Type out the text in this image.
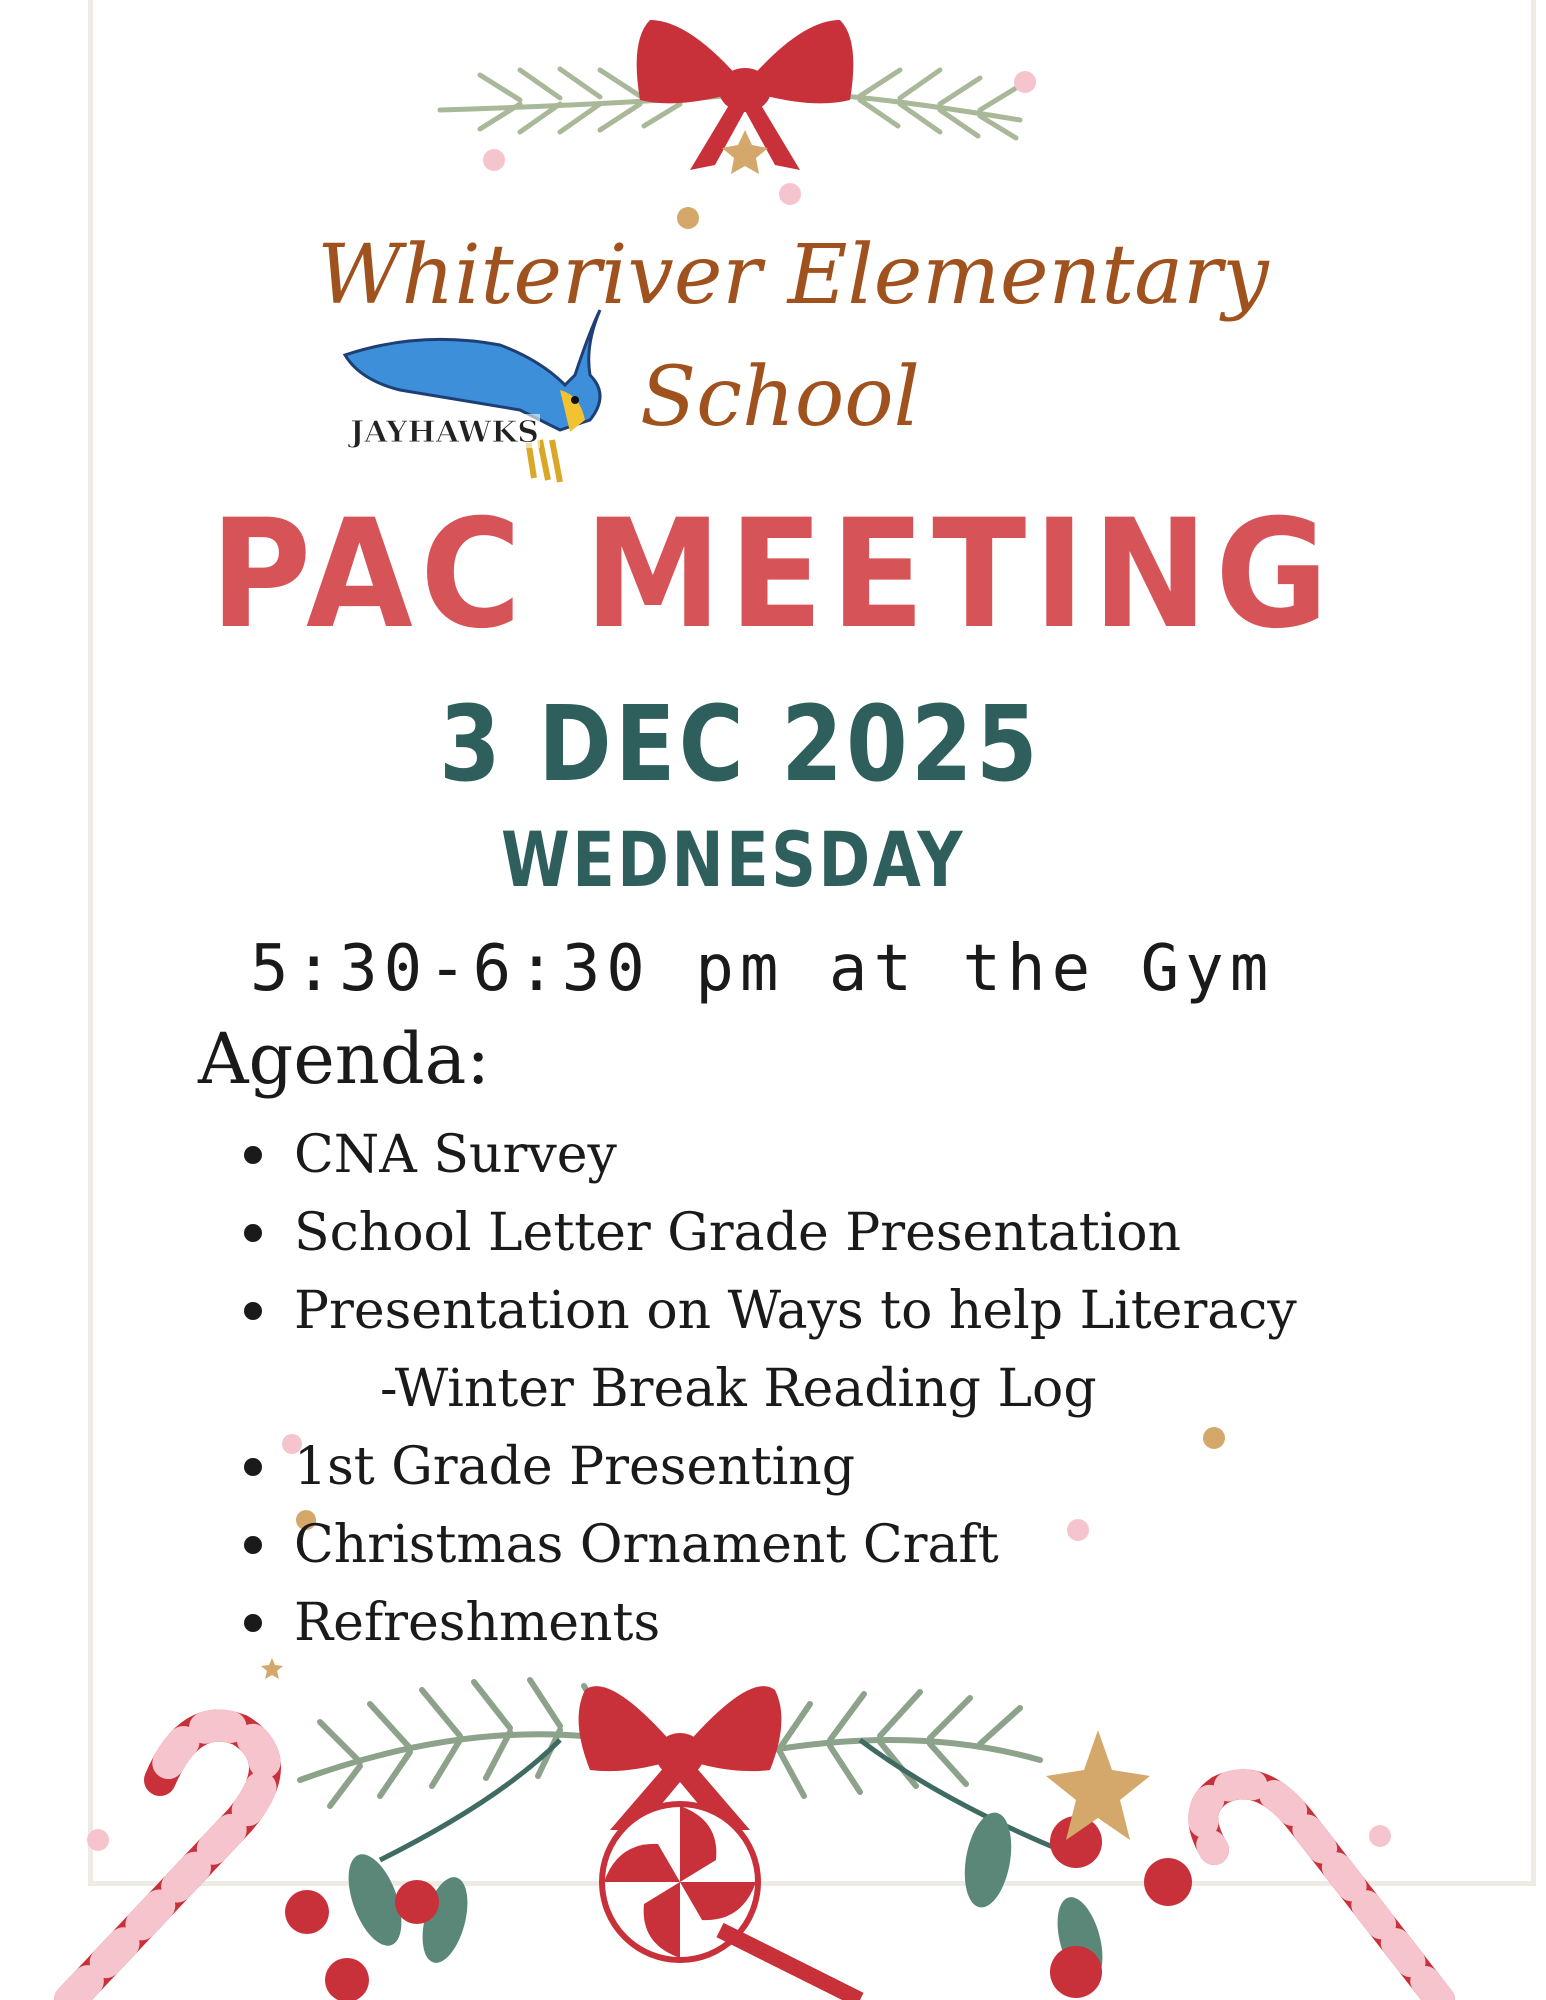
JAYHAWKS
Whiteriver Elementary
School
PAC MEETING
3 DEC 2025
WEDNESDAY
5:30-6:30 pm at the Gym
Agenda:
CNA Survey
School Letter Grade Presentation
Presentation on Ways to help Literacy
-Winter Break Reading Log
1st Grade Presenting
Christmas Ornament Craft
Refreshments
